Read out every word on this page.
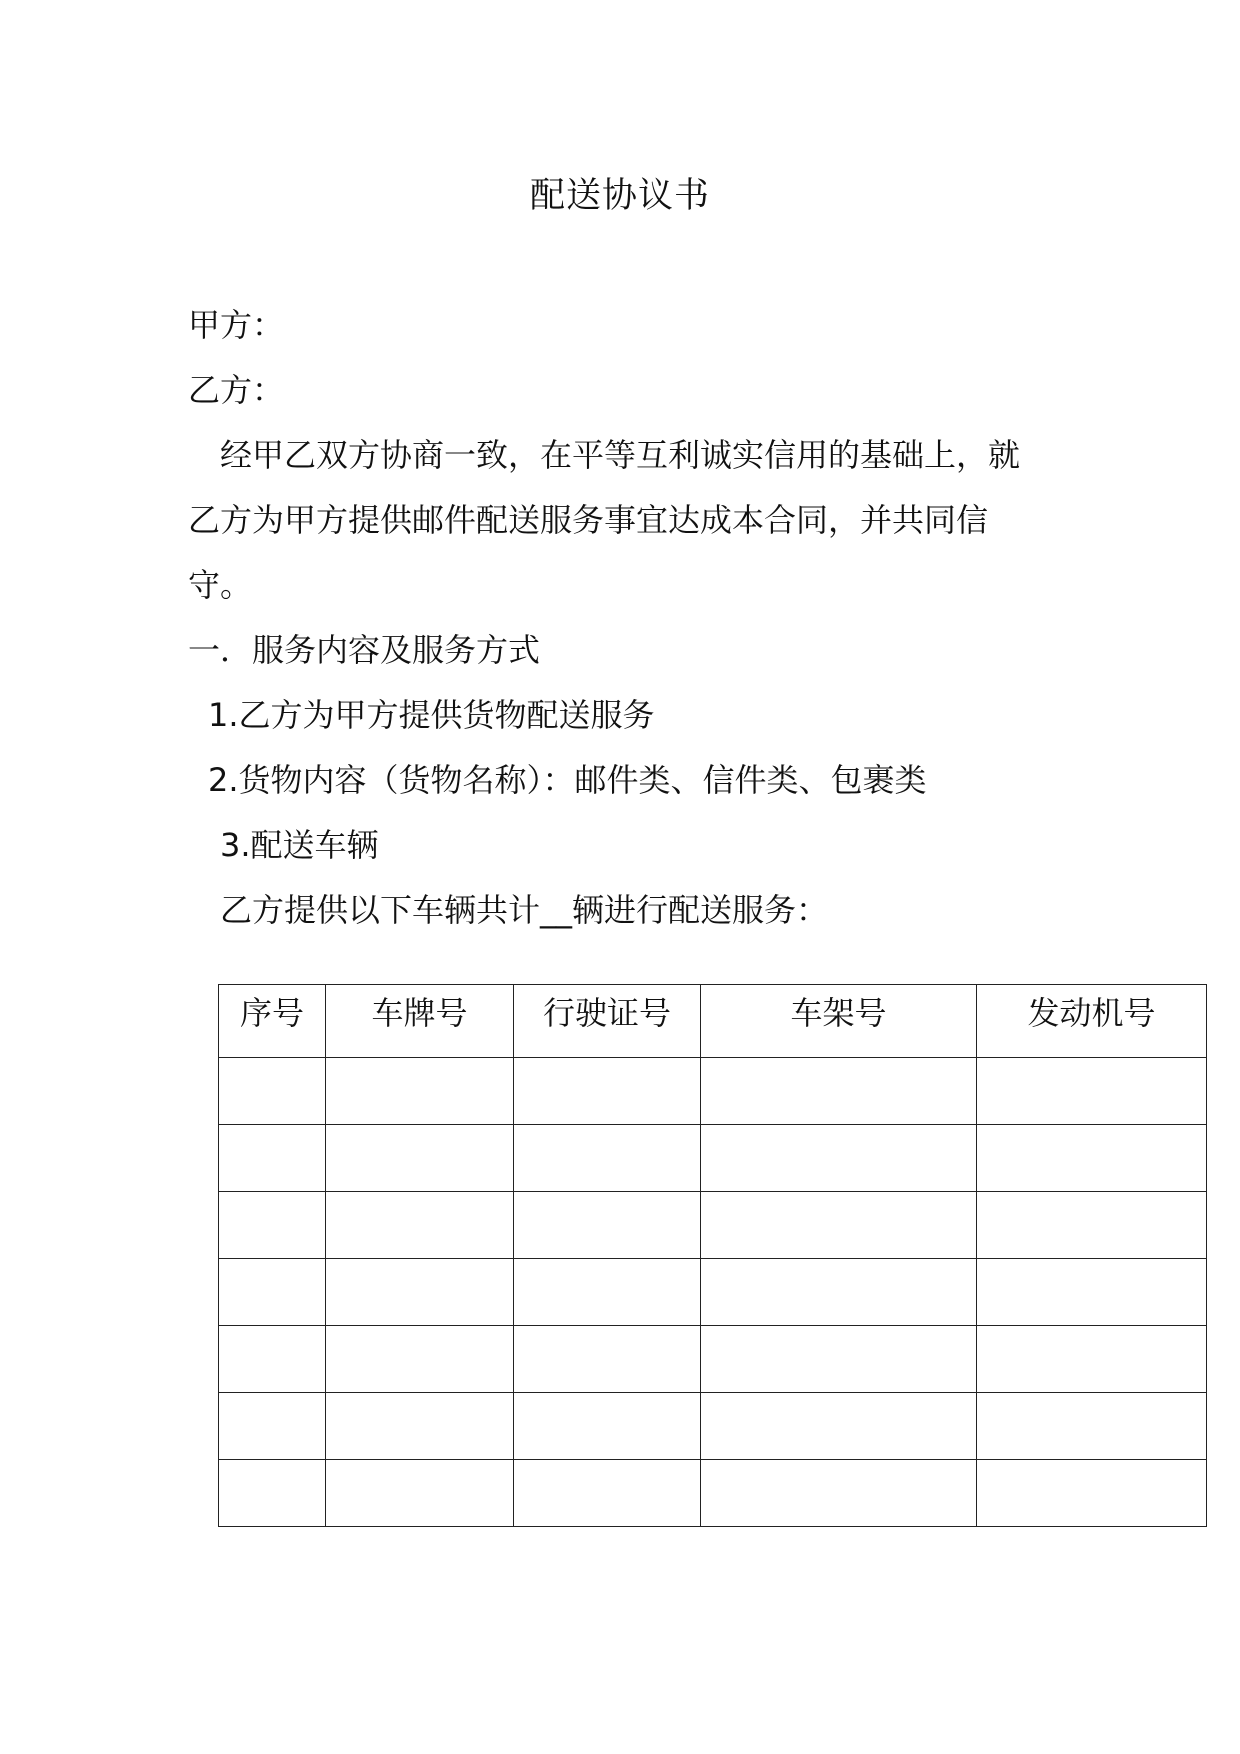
配送协议书
甲方：
乙方：
经甲乙双方协商一致，在平等互利诚实信用的基础上，就
乙方为甲方提供邮件配送服务事宜达成本合同，并共同信
守。
一．服务内容及服务方式
1.乙方为甲方提供货物配送服务
2.货物内容（货物名称）：邮件类、信件类、包裹类
3.配送车辆
乙方提供以下车辆共计__辆进行配送服务：
序号	车牌号	行驶证号	车架号	发动机号
